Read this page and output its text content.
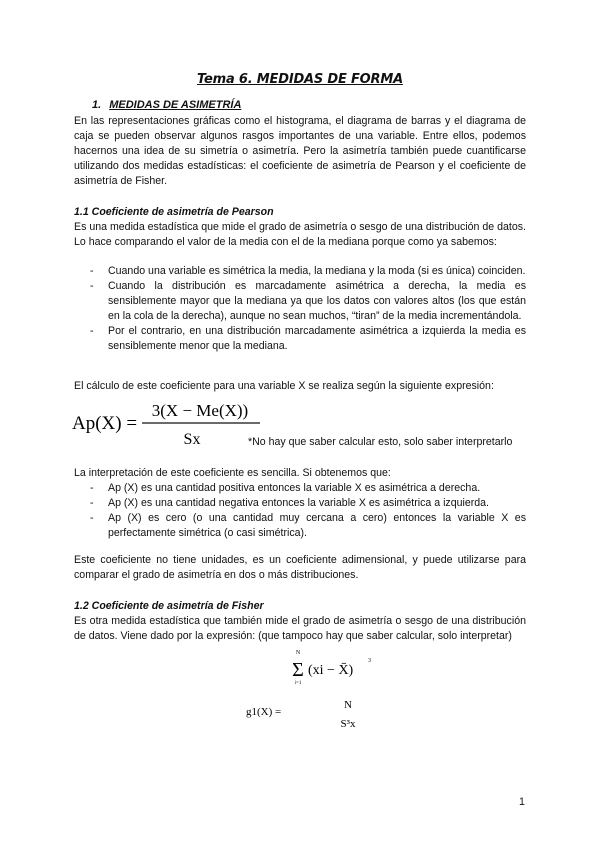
Tema 6. MEDIDAS DE FORMA
1. MEDIDAS DE ASIMETRÍA
En las representaciones gráficas como el histograma, el diagrama de barras y el diagrama de caja se pueden observar algunos rasgos importantes de una variable. Entre ellos, podemos hacernos una idea de su simetría o asimetría. Pero la asimetría también puede cuantificarse utilizando dos medidas estadísticas: el coeficiente de asimetría de Pearson y el coeficiente de asimetría de Fisher.
1.1 Coeficiente de asimetría de Pearson
Es una medida estadística que mide el grado de asimetría o sesgo de una distribución de datos. Lo hace comparando el valor de la media con el de la mediana porque como ya sabemos:
- Cuando una variable es simétrica la media, la mediana y la moda (si es única) coinciden.
- Cuando la distribución es marcadamente asimétrica a derecha, la media es sensiblemente mayor que la mediana ya que los datos con valores altos (los que están en la cola de la derecha), aunque no sean muchos, “tiran” de la media incrementándola.
- Por el contrario, en una distribución marcadamente asimétrica a izquierda la media es sensiblemente menor que la mediana.
El cálculo de este coeficiente para una variable X se realiza según la siguiente expresión:
Ap(X) =
3(X − Me(X))
Sx	*No hay que saber calcular esto, solo saber interpretarlo
La interpretación de este coeficiente es sencilla. Si obtenemos que:
- Ap (X) es una cantidad positiva entonces la variable X es asimétrica a derecha.
- Ap (X) es una cantidad negativa entonces la variable X es asimétrica a izquierda.
- Ap (X) es cero (o una cantidad muy cercana a cero) entonces la variable X es perfectamente simétrica (o casi simétrica).
Este coeficiente no tiene unidades, es un coeficiente adimensional, y puede utilizarse para comparar el grado de asimetría en dos o más distribuciones.
1.2 Coeficiente de asimetría de Fisher
Es otra medida estadística que también mide el grado de asimetría o sesgo de una distribución de datos. Viene dado por la expresión: (que tampoco hay que saber calcular, solo interpretar)
g1(X) =
N
Σ
i=1
(xi − X̄)
3
N
S³x
1
